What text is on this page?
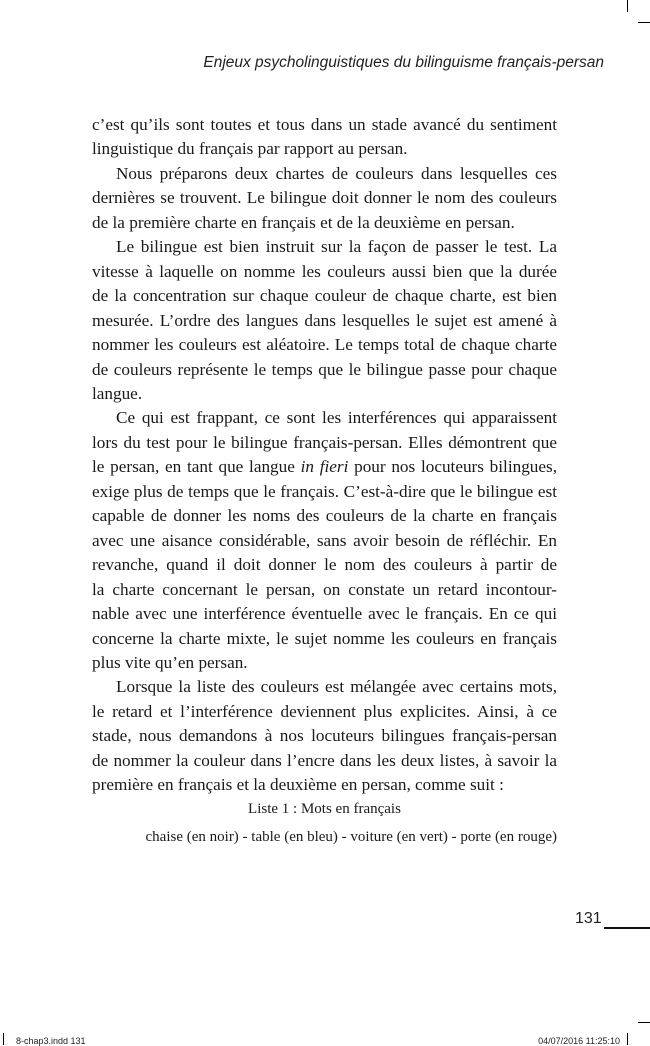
Enjeux psycholinguistiques du bilinguisme français-persan
c’est qu’ils sont toutes et tous dans un stade avancé du sentiment
linguistique du français par rapport au persan.
Nous préparons deux chartes de couleurs dans lesquelles ces
dernières se trouvent. Le bilingue doit donner le nom des couleurs
de la première charte en français et de la deuxième en persan.
Le bilingue est bien instruit sur la façon de passer le test. La
vitesse à laquelle on nomme les couleurs aussi bien que la durée
de la concentration sur chaque couleur de chaque charte, est bien
mesurée. L’ordre des langues dans lesquelles le sujet est amené à
nommer les couleurs est aléatoire. Le temps total de chaque charte
de couleurs représente le temps que le bilingue passe pour chaque
langue.
Ce qui est frappant, ce sont les interférences qui apparaissent
lors du test pour le bilingue français-persan. Elles démontrent que
le persan, en tant que langue in fieri pour nos locuteurs bilingues,
exige plus de temps que le français. C’est-à-dire que le bilingue est
capable de donner les noms des couleurs de la charte en français
avec une aisance considérable, sans avoir besoin de réfléchir. En
revanche, quand il doit donner le nom des couleurs à partir de
la charte concernant le persan, on constate un retard incontour-
nable avec une interférence éventuelle avec le français. En ce qui
concerne la charte mixte, le sujet nomme les couleurs en français
plus vite qu’en persan.
Lorsque la liste des couleurs est mélangée avec certains mots,
le retard et l’interférence deviennent plus explicites. Ainsi, à ce
stade, nous demandons à nos locuteurs bilingues français-persan
de nommer la couleur dans l’encre dans les deux listes, à savoir la
première en français et la deuxième en persan, comme suit :
Liste 1 : Mots en français
chaise (en noir) - table (en bleu) - voiture (en vert) - porte (en rouge)
131
8-chap3.indd 131	04/07/2016 11:25:10
